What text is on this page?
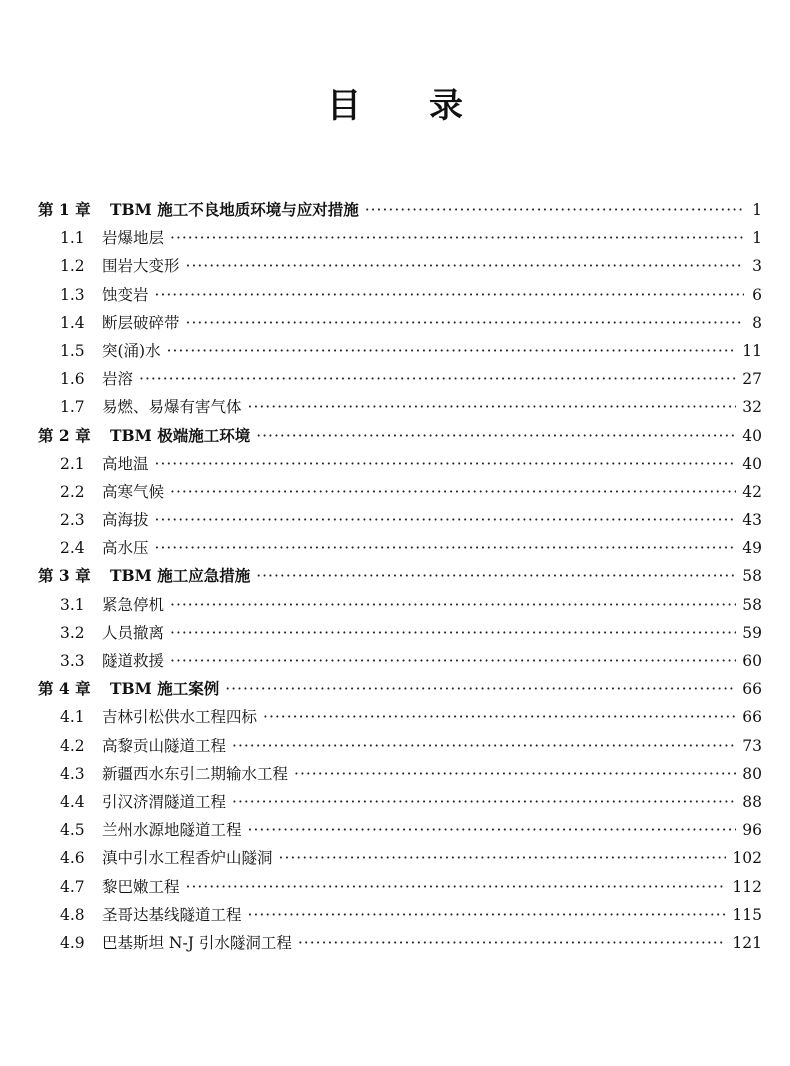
目 录
第 1 章	TBM 施工不良地质环境与应对措施 ·····	1
1.1	岩爆地层 ·····	1
1.2	围岩大变形 ·····	3
1.3	蚀变岩 ·····	6
1.4	断层破碎带 ·····	8
1.5	突(涌)水 ·····	11
1.6	岩溶 ·····	27
1.7	易燃、易爆有害气体 ·····	32
第 2 章	TBM 极端施工环境 ·····	40
2.1	高地温 ·····	40
2.2	高寒气候 ·····	42
2.3	高海拔 ·····	43
2.4	高水压 ·····	49
第 3 章	TBM 施工应急措施 ·····	58
3.1	紧急停机 ·····	58
3.2	人员撤离 ·····	59
3.3	隧道救援 ·····	60
第 4 章	TBM 施工案例 ·····	66
4.1	吉林引松供水工程四标 ·····	66
4.2	高黎贡山隧道工程 ·····	73
4.3	新疆西水东引二期输水工程 ·····	80
4.4	引汉济渭隧道工程 ·····	88
4.5	兰州水源地隧道工程 ·····	96
4.6	滇中引水工程香炉山隧洞 ·····	102
4.7	黎巴嫩工程 ·····	112
4.8	圣哥达基线隧道工程 ·····	115
4.9	巴基斯坦 N-J 引水隧洞工程 ·····	121
